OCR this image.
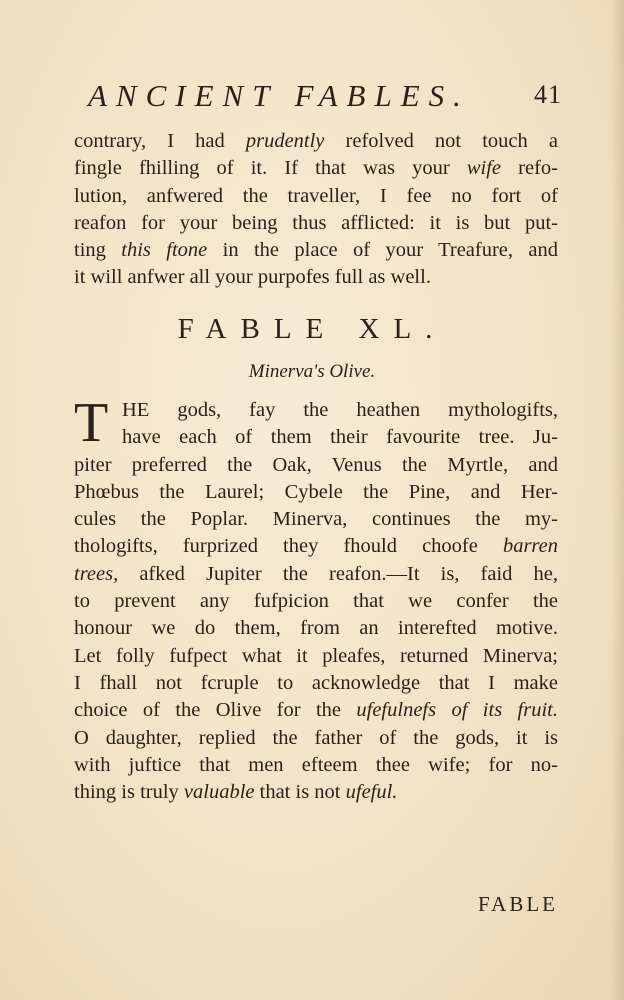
ANCIENT FABLES. 41
contrary, I had prudently refolved not touch a
fingle fhilling of it. If that was your wife refo-
lution, anfwered the traveller, I fee no fort of
reafon for your being thus afflicted: it is but put-
ting this ftone in the place of your Treafure, and
it will anfwer all your purpofes full as well.
FABLE XL.
Minerva's Olive.
T HE gods, fay the heathen mythologifts,
have each of them their favourite tree. Ju-
piter preferred the Oak, Venus the Myrtle, and
Phœbus the Laurel; Cybele the Pine, and Her-
cules the Poplar. Minerva, continues the my-
thologifts, furprized they fhould choofe barren
trees, afked Jupiter the reafon.—It is, faid he,
to prevent any fufpicion that we confer the
honour we do them, from an interefted motive.
Let folly fufpect what it pleafes, returned Minerva;
I fhall not fcruple to acknowledge that I make
choice of the Olive for the ufefulnefs of its fruit.
O daughter, replied the father of the gods, it is
with juftice that men efteem thee wife; for no-
thing is truly valuable that is not ufeful.
FABLE
